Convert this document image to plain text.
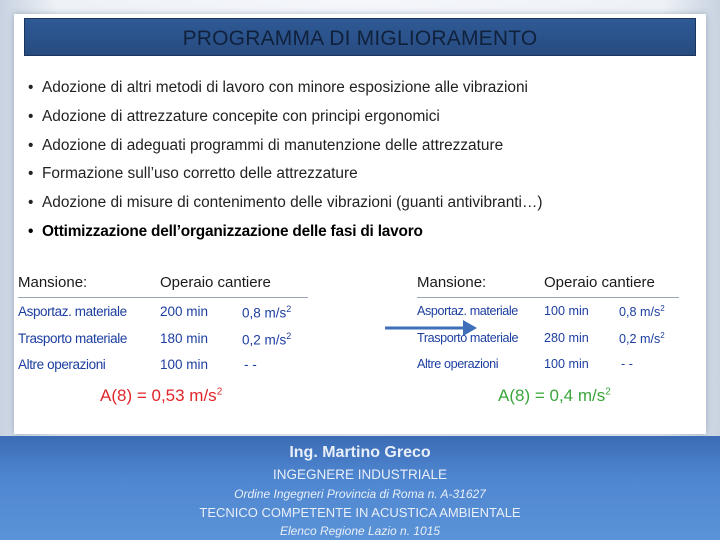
PROGRAMMA DI MIGLIORAMENTO
• Adozione di altri metodi di lavoro con minore esposizione alle vibrazioni
• Adozione di attrezzature concepite con principi ergonomici
• Adozione di adeguati programmi di manutenzione delle attrezzature
• Formazione sull’uso corretto delle attrezzature
• Adozione di misure di contenimento delle vibrazioni (guanti antivibranti…)
• Ottimizzazione dell’organizzazione delle fasi di lavoro
Mansione:	Operaio cantiere
Asportaz. materiale 200 min	0,8 $m/s^2$
Trasporto materiale 180 min	0,2 $m/s^2$
Altre operazioni	100 min	- -
A(8) = 0,53 $m/s^2$
Mansione:	Operaio cantiere
Asportaz. materiale 100 min 0,8 $m/s^2$
Trasporto materiale 280 min 0,2 $m/s^2$
Altre operazioni	100 min	- -
A(8) = 0,4 $m/s^2$
Ing. Martino Greco
INGEGNERE INDUSTRIALE
Ordine Ingegneri Provincia di Roma n. A-31627
TECNICO COMPETENTE IN ACUSTICA AMBIENTALE
Elenco Regione Lazio n. 1015
